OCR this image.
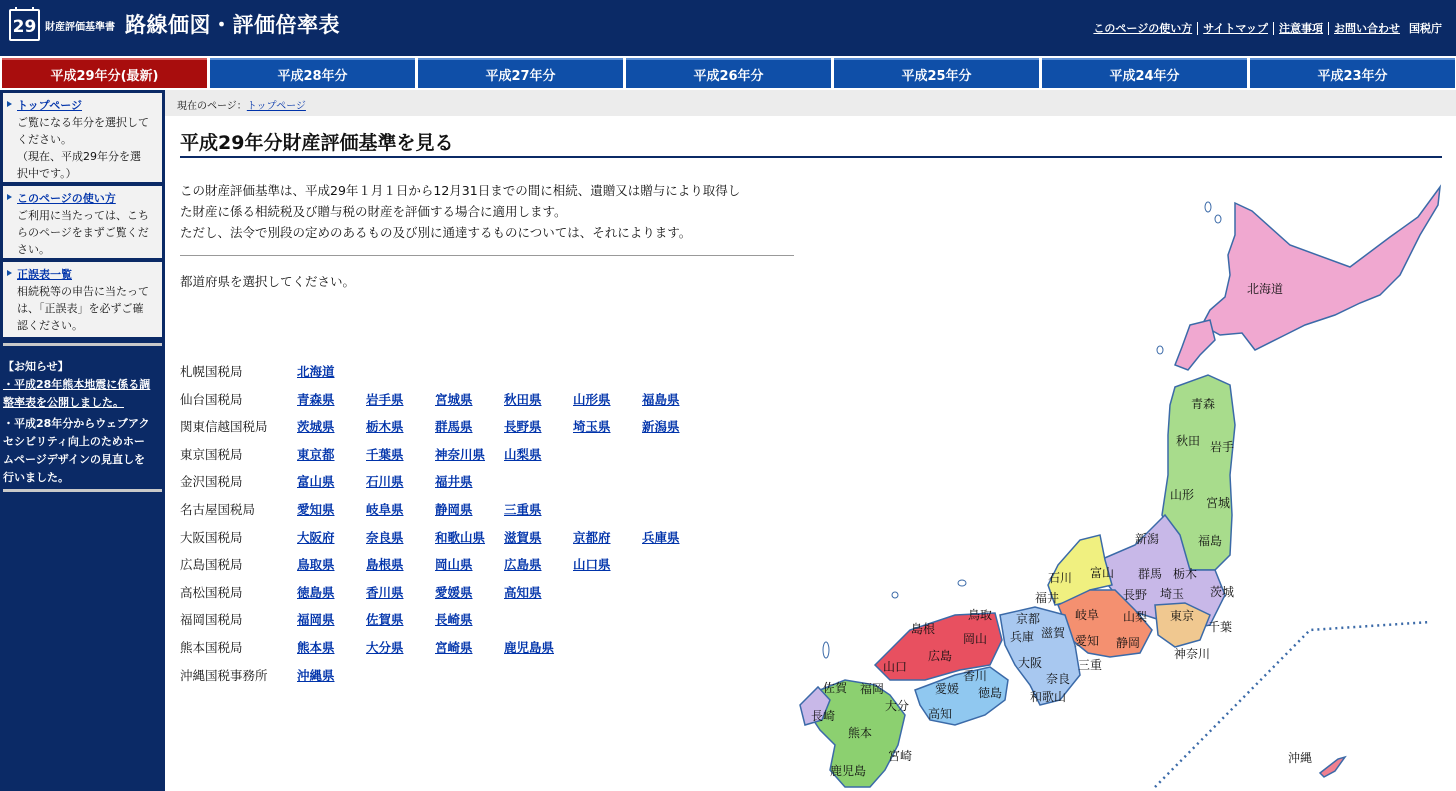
29 財産評価基準書 路線価図・評価倍率表	このページの使い方	サイトマップ	注意事項	お問い合わせ 国税庁
平成29年分(最新)	平成28年分	平成27年分	平成26年分	平成25年分	平成24年分	平成23年分
トップページ
ご覧になる年分を選択して
ください。
（現在、平成29年分を選
択中です。）
このページの使い方
ご利用に当たっては、こち
らのページをまずご覧くだ
さい。
正誤表一覧
相続税等の申告に当たって
は、「正誤表」を必ずご確
認ください。
【お知らせ】
・平成28年熊本地震に係る調
整率表を公開しました。
・平成28年分からウェブアク
セシビリティ向上のためホー
ムページデザインの見直しを
行いました。
現在のページ：トップページ
平成29年分財産評価基準を見る
この財産評価基準は、平成29年１月１日から12月31日までの間に相続、遺贈又は贈与により取得し
た財産に係る相続税及び贈与税の財産を評価する場合に適用します。
ただし、法令で別段の定めのあるもの及び別に通達するものについては、それによります。
都道府県を選択してください。
札幌国税局	北海道
仙台国税局	青森県	岩手県	宮城県	秋田県	山形県	福島県
関東信越国税局 茨城県	栃木県	群馬県	長野県	埼玉県	新潟県
東京国税局	東京都	千葉県	神奈川県 山梨県
金沢国税局	富山県	石川県	福井県
名古屋国税局	愛知県	岐阜県	静岡県	三重県
大阪国税局	大阪府	奈良県	和歌山県 滋賀県	京都府	兵庫県
広島国税局	鳥取県	島根県	岡山県	広島県	山口県
高松国税局	徳島県	香川県	愛媛県	高知県
福岡国税局	福岡県	佐賀県	長崎県
熊本国税局	熊本県	大分県	宮崎県	鹿児島県
沖縄国税事務所 沖縄県
北海道
青森
秋田 岩手
山形
宮城
新潟	福島
石川 富山 群馬 栃木
茨城
長野 埼玉
福井
岐阜 山梨 東京
千葉
島根
鳥取 京都
兵庫 滋賀
愛知 静岡
神奈川
岡山
広島
山口
香川
大阪	三重
奈良
和歌山
愛媛 徳島
佐賀 福岡
高知
長崎
大分
熊本
宮崎
鹿児島
沖縄
